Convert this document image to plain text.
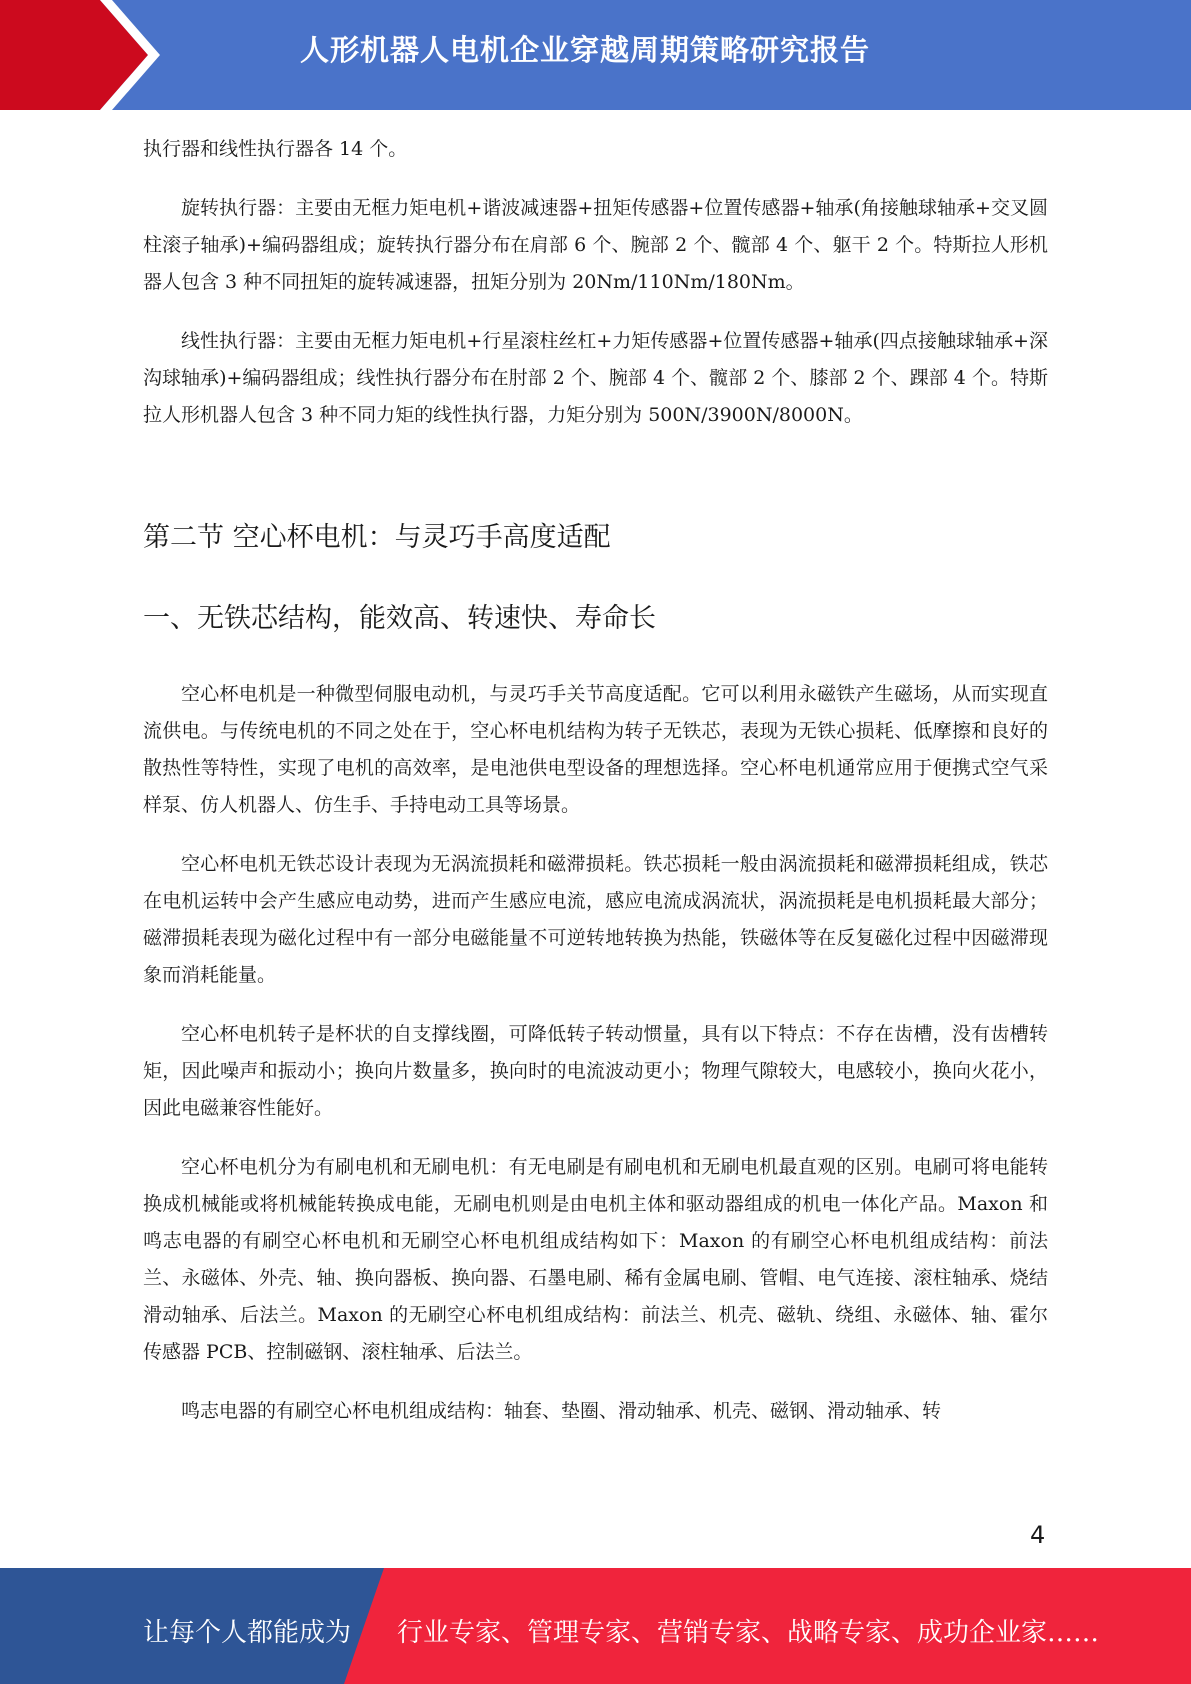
人形机器人电机企业穿越周期策略研究报告

执行器和线性执行器各 14 个。

旋转执行器：主要由无框力矩电机+谐波减速器+扭矩传感器+位置传感器+轴承(角接触球轴承+交叉圆柱滚子轴承)+编码器组成；旋转执行器分布在肩部 6 个、腕部 2 个、髋部 4 个、躯干 2 个。特斯拉人形机器人包含 3 种不同扭矩的旋转减速器，扭矩分别为 20Nm/110Nm/180Nm。

线性执行器：主要由无框力矩电机+行星滚柱丝杠+力矩传感器+位置传感器+轴承(四点接触球轴承+深沟球轴承)+编码器组成；线性执行器分布在肘部 2 个、腕部 4 个、髋部 2 个、膝部 2 个、踝部 4 个。特斯拉人形机器人包含 3 种不同力矩的线性执行器，力矩分别为 500N/3900N/8000N。

第二节 空心杯电机：与灵巧手高度适配
一、无铁芯结构，能效高、转速快、寿命长

空心杯电机是一种微型伺服电动机，与灵巧手关节高度适配。它可以利用永磁铁产生磁场，从而实现直流供电。与传统电机的不同之处在于，空心杯电机结构为转子无铁芯，表现为无铁心损耗、低摩擦和良好的散热性等特性，实现了电机的高效率，是电池供电型设备的理想选择。空心杯电机通常应用于便携式空气采样泵、仿人机器人、仿生手、手持电动工具等场景。

空心杯电机无铁芯设计表现为无涡流损耗和磁滞损耗。铁芯损耗一般由涡流损耗和磁滞损耗组成，铁芯在电机运转中会产生感应电动势，进而产生感应电流，感应电流成涡流状，涡流损耗是电机损耗最大部分；磁滞损耗表现为磁化过程中有一部分电磁能量不可逆转地转换为热能，铁磁体等在反复磁化过程中因磁滞现象而消耗能量。

空心杯电机转子是杯状的自支撑线圈，可降低转子转动惯量，具有以下特点：不存在齿槽，没有齿槽转矩，因此噪声和振动小；换向片数量多，换向时的电流波动更小；物理气隙较大，电感较小，换向火花小，因此电磁兼容性能好。

空心杯电机分为有刷电机和无刷电机：有无电刷是有刷电机和无刷电机最直观的区别。电刷可将电能转换成机械能或将机械能转换成电能，无刷电机则是由电机主体和驱动器组成的机电一体化产品。Maxon 和鸣志电器的有刷空心杯电机和无刷空心杯电机组成结构如下：Maxon 的有刷空心杯电机组成结构：前法兰、永磁体、外壳、轴、换向器板、换向器、石墨电刷、稀有金属电刷、管帽、电气连接、滚柱轴承、烧结滑动轴承、后法兰。Maxon 的无刷空心杯电机组成结构：前法兰、机壳、磁轨、绕组、永磁体、轴、霍尔传感器 PCB、控制磁钢、滚柱轴承、后法兰。

鸣志电器的有刷空心杯电机组成结构：轴套、垫圈、滑动轴承、机壳、磁钢、滑动轴承、转

4
让每个人都能成为 行业专家、管理专家、营销专家、战略专家、成功企业家……
